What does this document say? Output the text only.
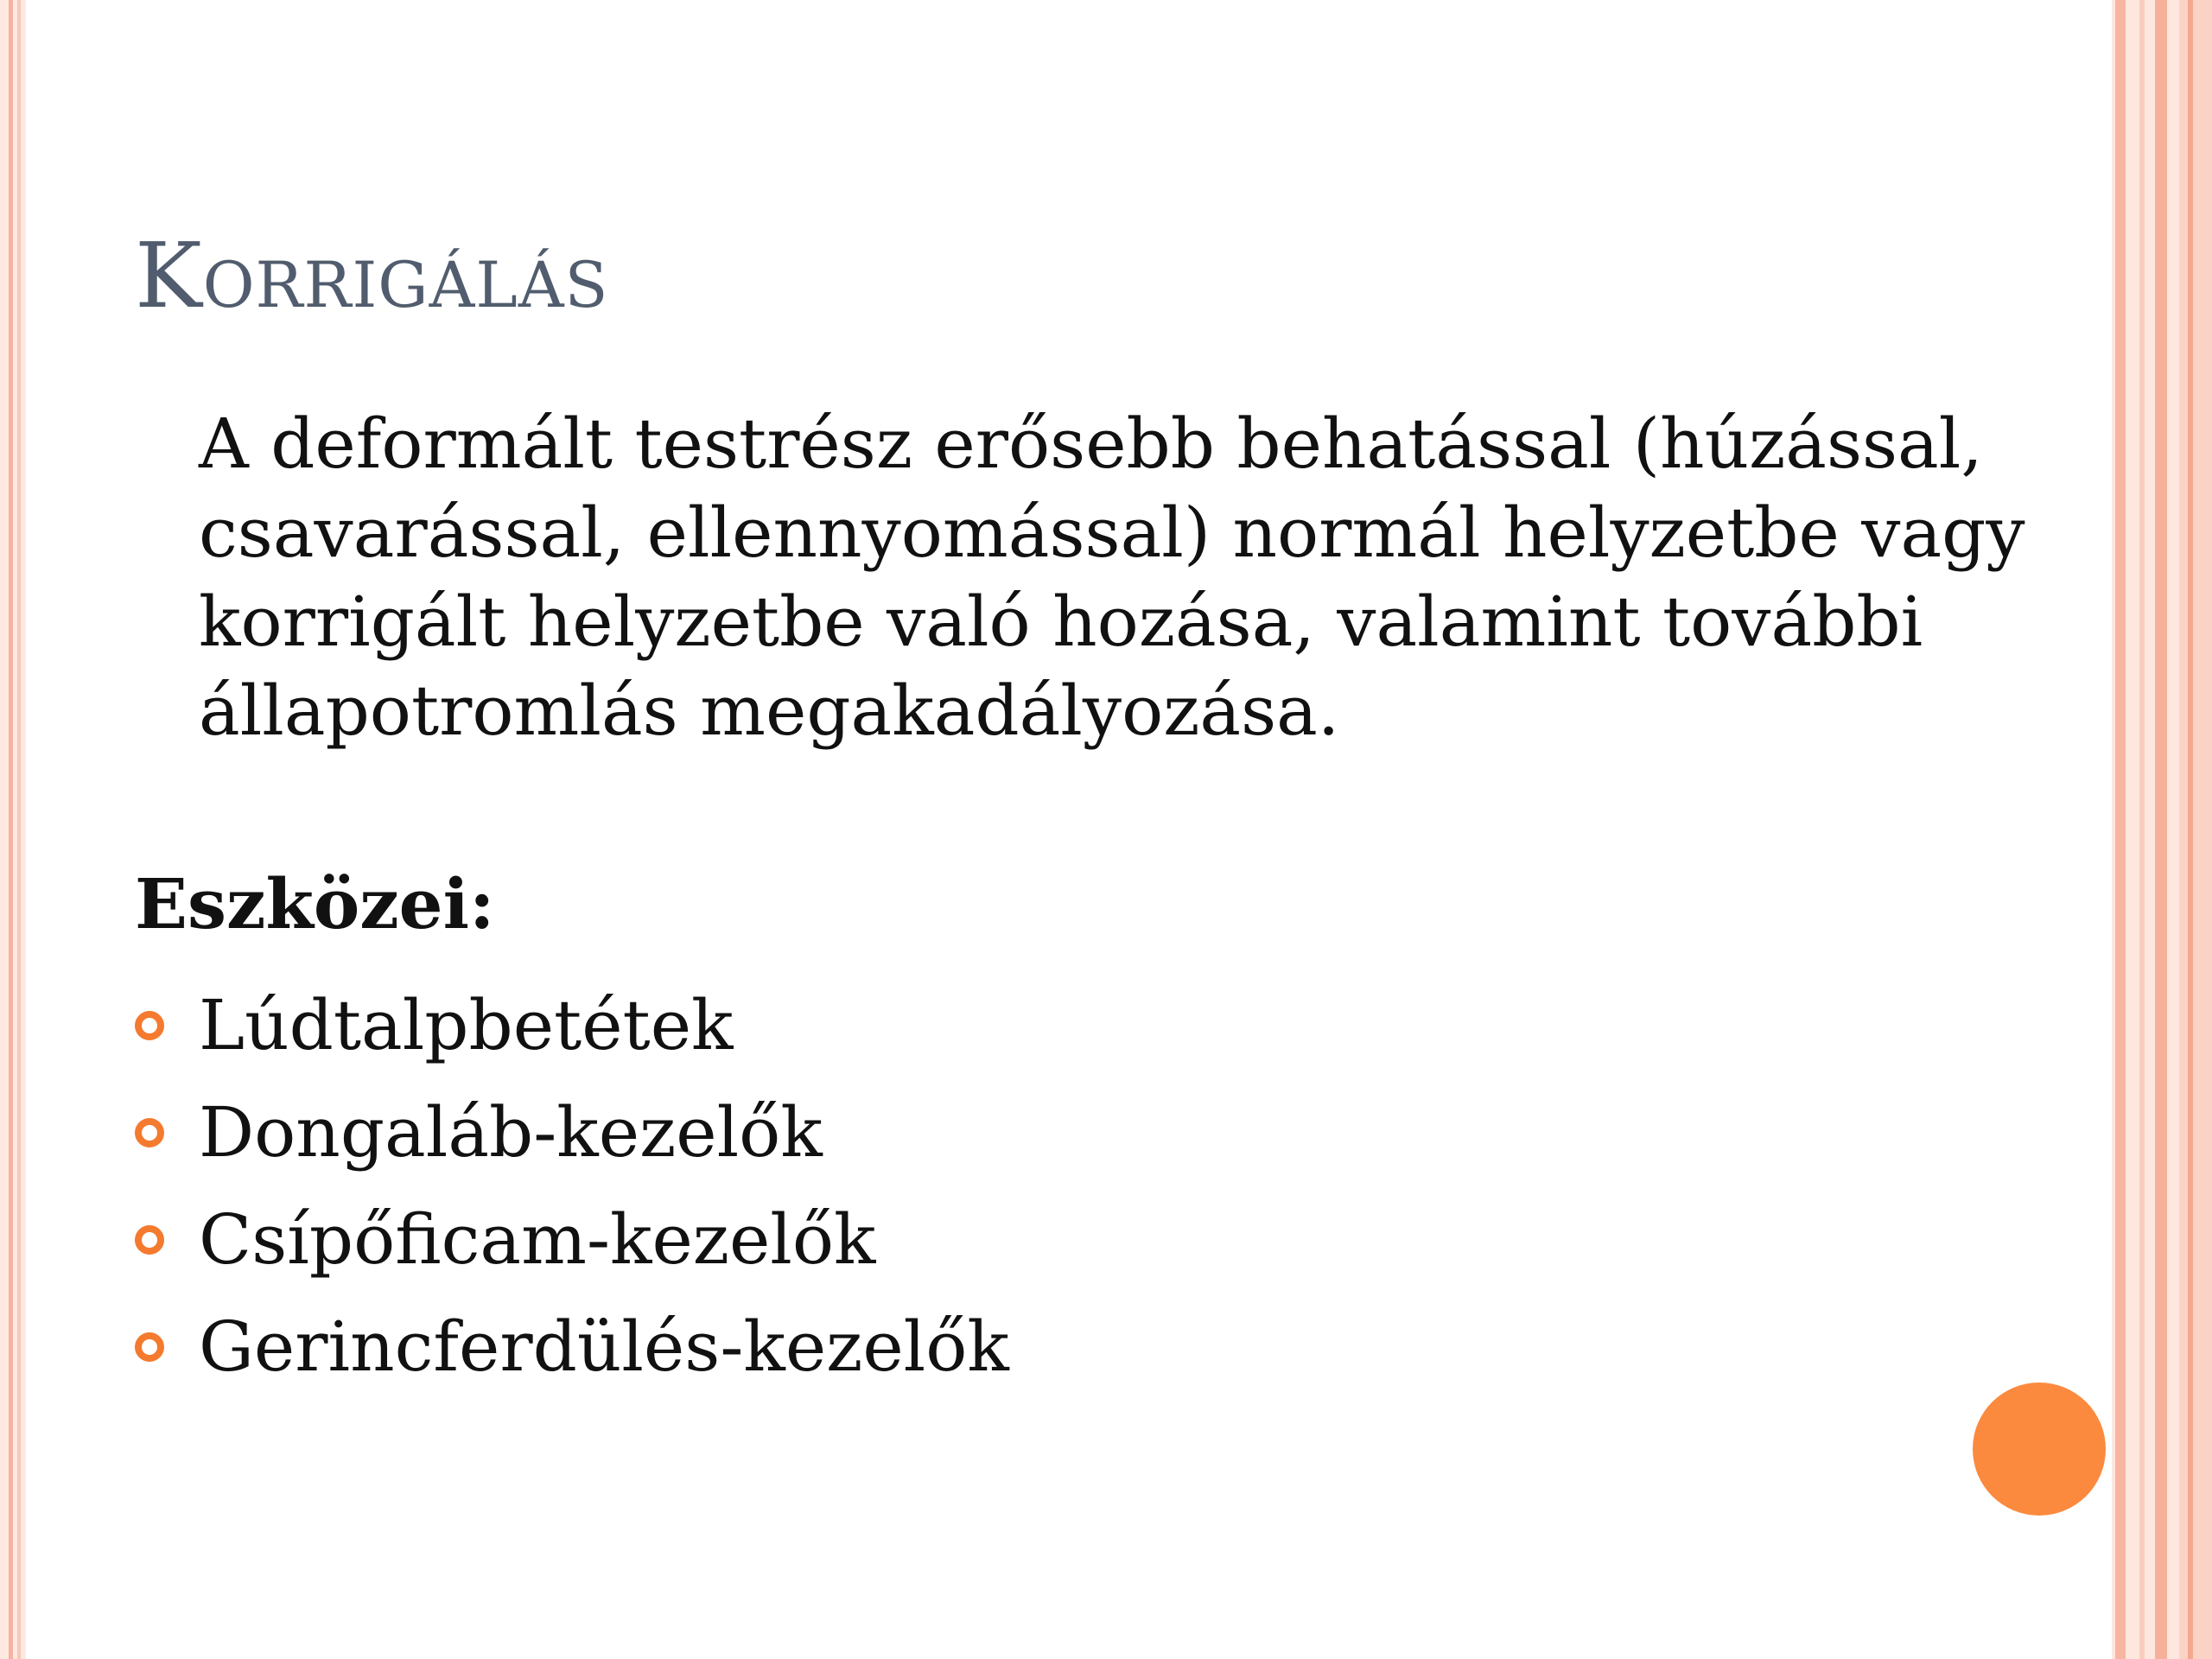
Korrigálás
A deformált testrész erősebb behatással (húzással, csavarással, ellennyomással) normál helyzetbe vagy korrigált helyzetbe való hozása, valamint további állapotromlás megakadályozása.
Eszközei:
Lúdtalpbetétek
Dongaláb-kezelők
Csípőficam-kezelők
Gerincferdülés-kezelők
